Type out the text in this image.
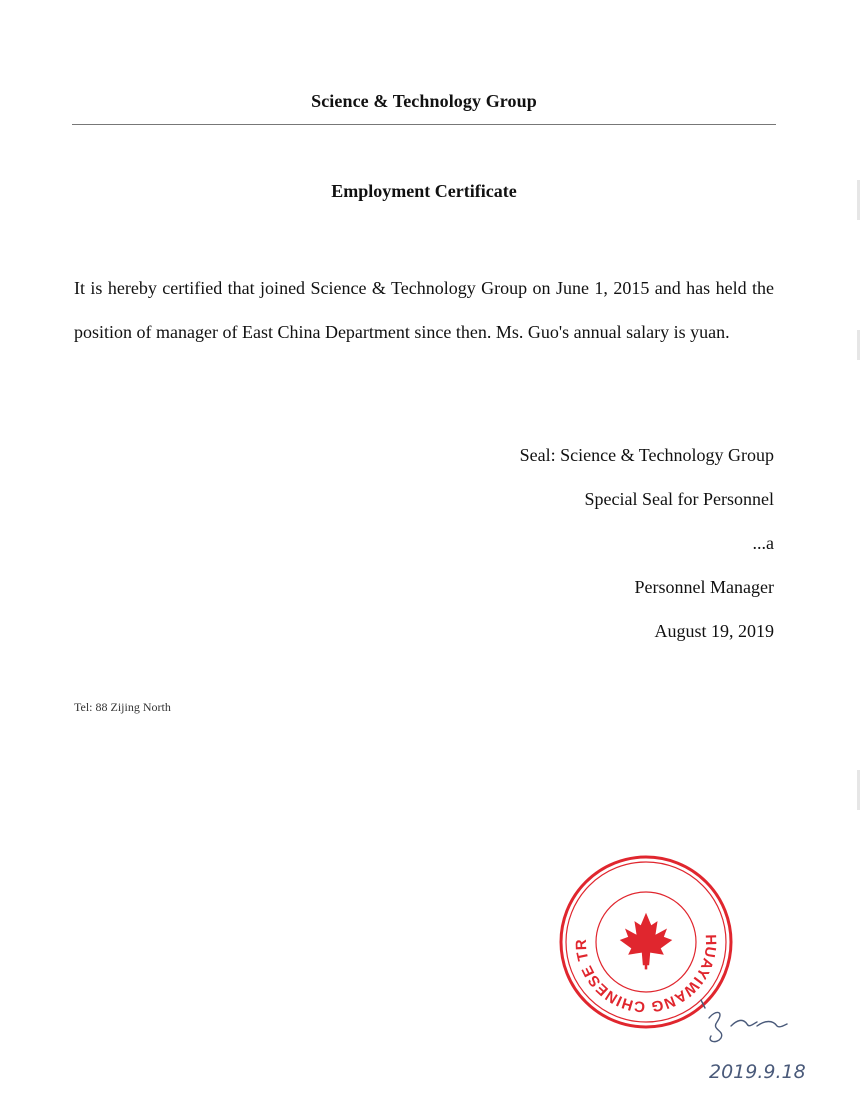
Science & Technology Group
Employment Certificate

It is hereby certified that joined Science & Technology Group on June 1, 2015 and has held the position of manager of East China Department since then. Ms. Guo's annual salary is yuan.

Seal: Science & Technology Group
Special Seal for Personnel
...a
Personnel Manager
August 19, 2019
Tel: 88 Zijing North
HUAYIWANG CHINESE TR
2019.9.18
